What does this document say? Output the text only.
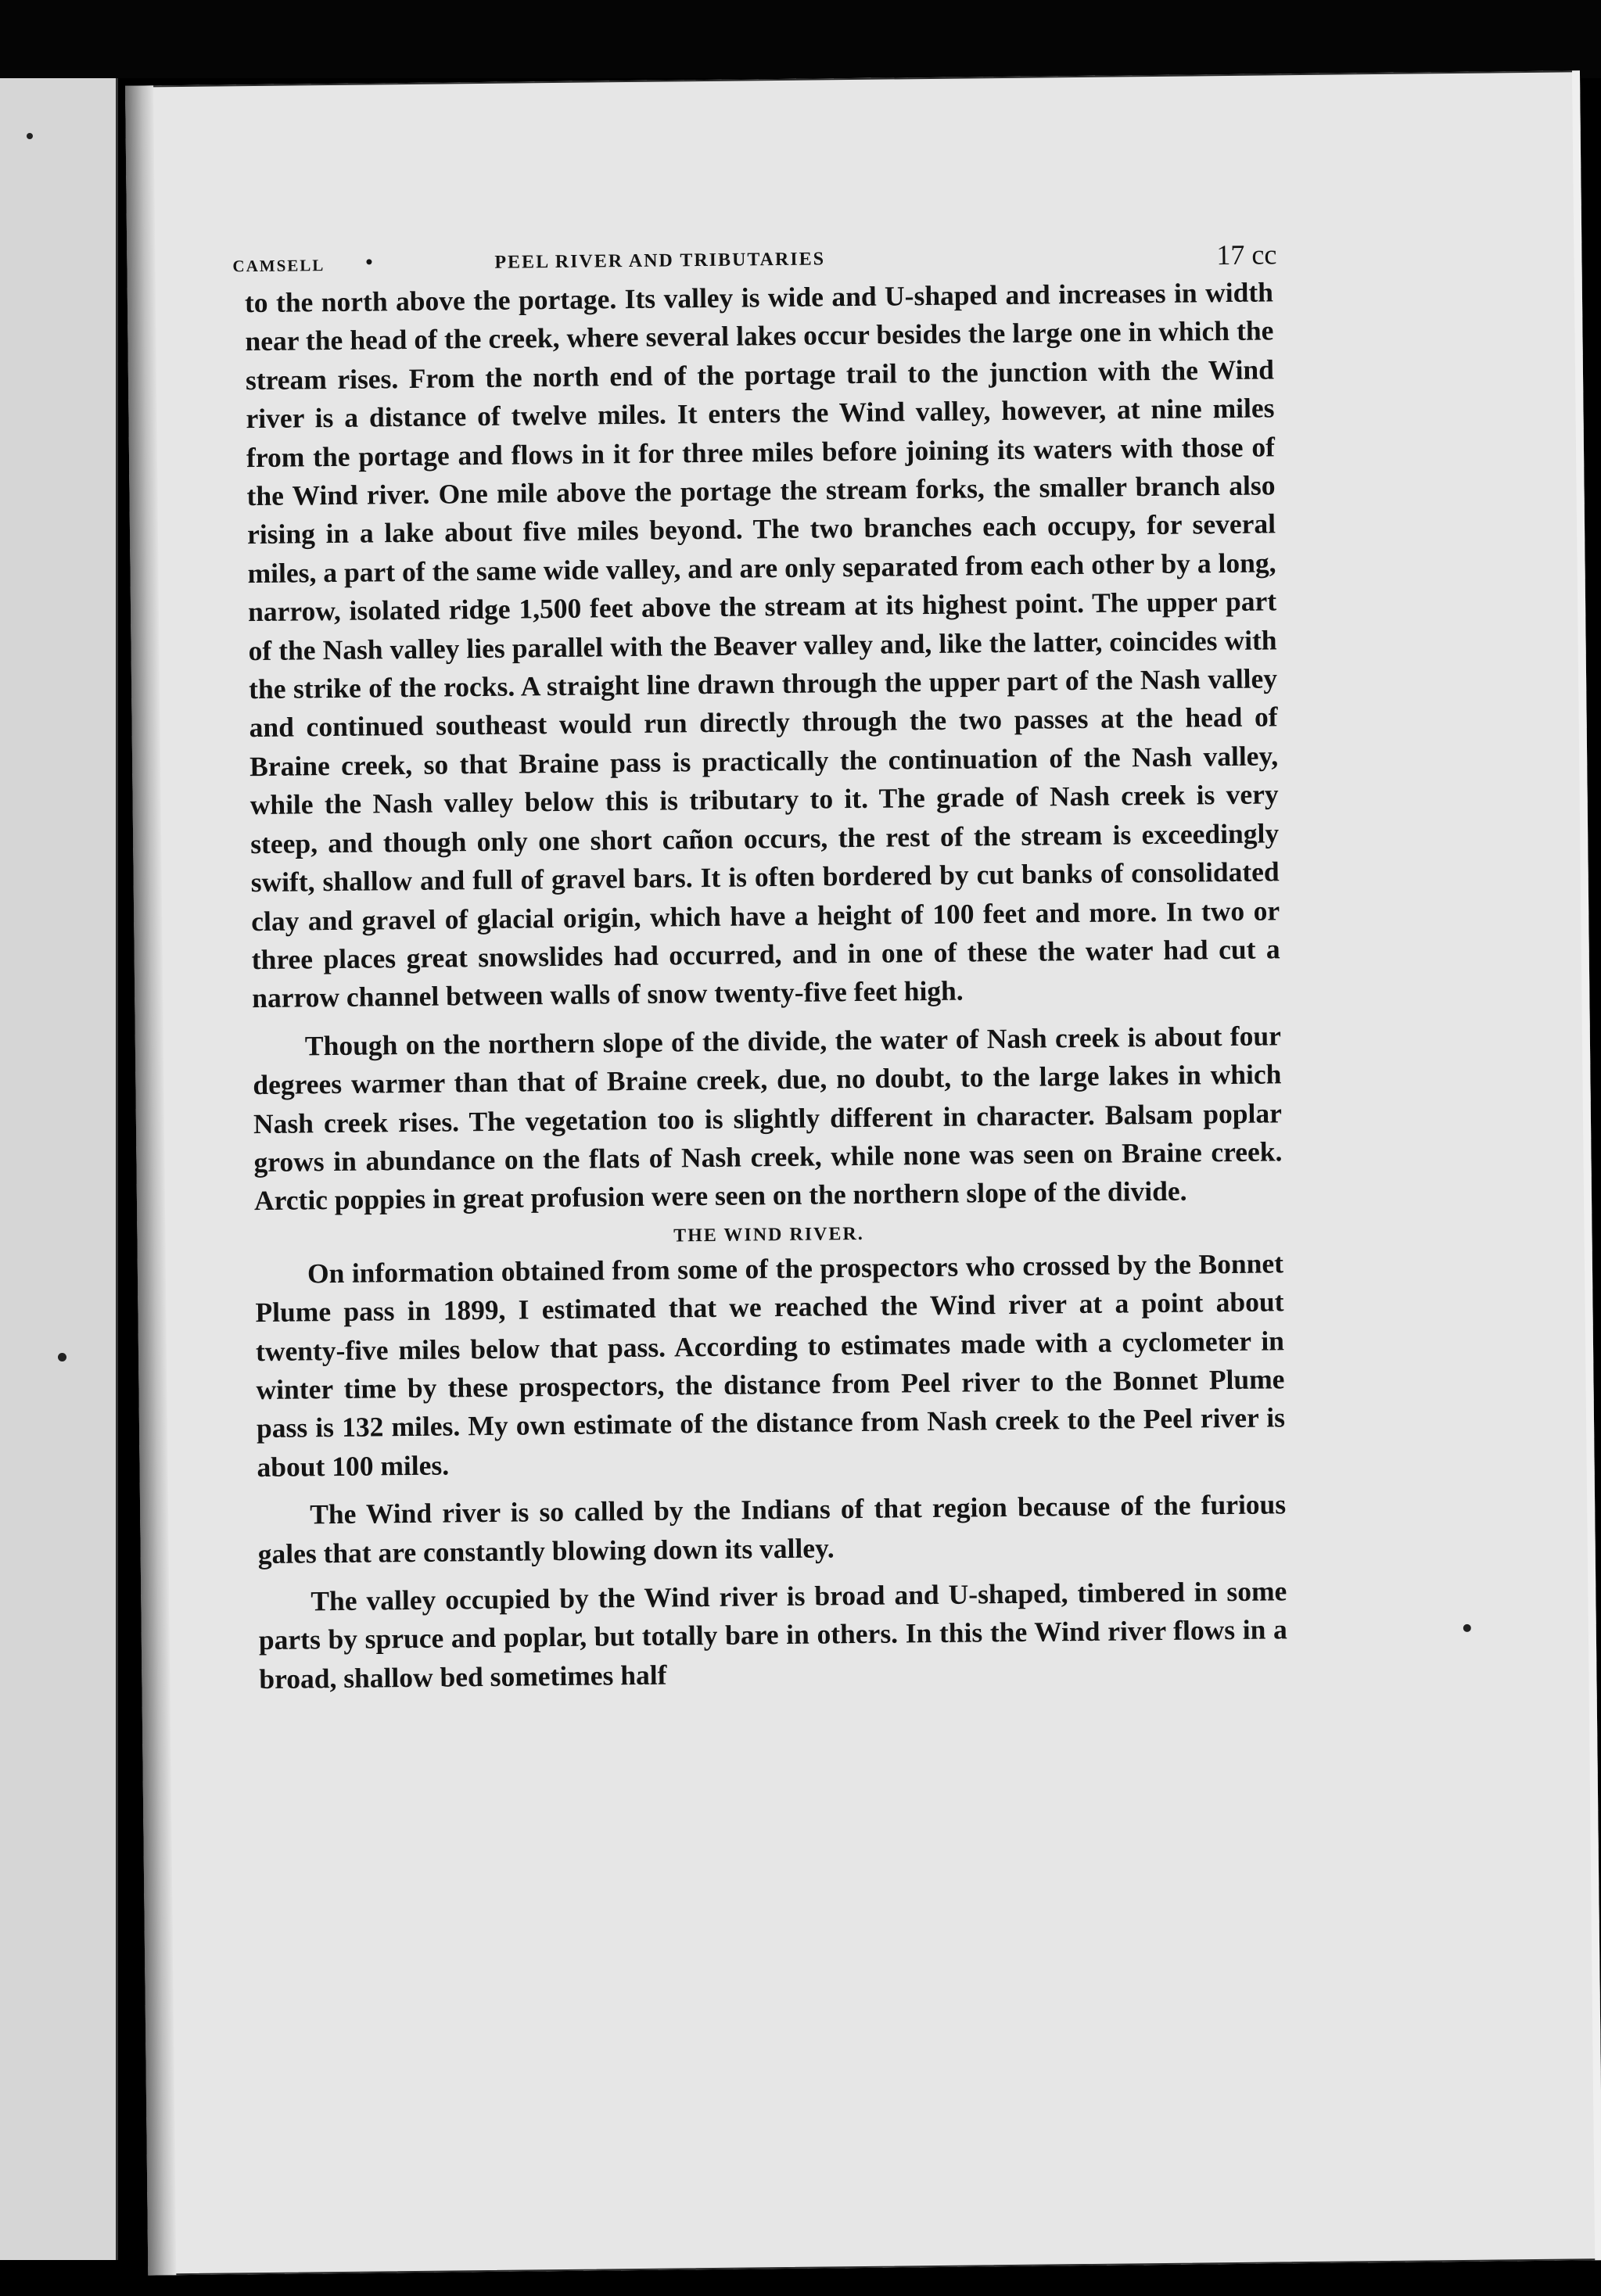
CAMSELL •	PEEL RIVER AND TRIBUTARIES	17 cc

to the north above the portage. Its valley is wide and U-shaped and increases in width near the head of the creek, where several lakes occur besides the large one in which the stream rises. From the north end of the portage trail to the junction with the Wind river is a distance of twelve miles. It enters the Wind valley, however, at nine miles from the portage and flows in it for three miles before joining its waters with those of the Wind river. One mile above the portage the stream forks, the smaller branch also rising in a lake about five miles beyond. The two branches each occupy, for several miles, a part of the same wide valley, and are only separated from each other by a long, narrow, isolated ridge 1,500 feet above the stream at its highest point. The upper part of the Nash valley lies parallel with the Beaver valley and, like the latter, coincides with the strike of the rocks. A straight line drawn through the upper part of the Nash valley and continued southeast would run directly through the two passes at the head of Braine creek, so that Braine pass is practically the continuation of the Nash valley, while the Nash valley below this is tributary to it. The grade of Nash creek is very steep, and though only one short cañon occurs, the rest of the stream is exceedingly swift, shallow and full of gravel bars. It is often bordered by cut banks of consolidated clay and gravel of glacial origin, which have a height of 100 feet and more. In two or three places great snowslides had occurred, and in one of these the water had cut a narrow channel between walls of snow twenty-five feet high.

Though on the northern slope of the divide, the water of Nash creek is about four degrees warmer than that of Braine creek, due, no doubt, to the large lakes in which Nash creek rises. The vegetation too is slightly different in character. Balsam poplar grows in abundance on the flats of Nash creek, while none was seen on Braine creek. Arctic poppies in great profusion were seen on the northern slope of the divide.

THE WIND RIVER.

On information obtained from some of the prospectors who crossed by the Bonnet Plume pass in 1899, I estimated that we reached the Wind river at a point about twenty-five miles below that pass. According to estimates made with a cyclometer in winter time by these prospectors, the distance from Peel river to the Bonnet Plume pass is 132 miles. My own estimate of the distance from Nash creek to the Peel river is about 100 miles.

The Wind river is so called by the Indians of that region because of the furious gales that are constantly blowing down its valley.

The valley occupied by the Wind river is broad and U-shaped, timbered in some parts by spruce and poplar, but totally bare in others. In this the Wind river flows in a broad, shallow bed sometimes half
